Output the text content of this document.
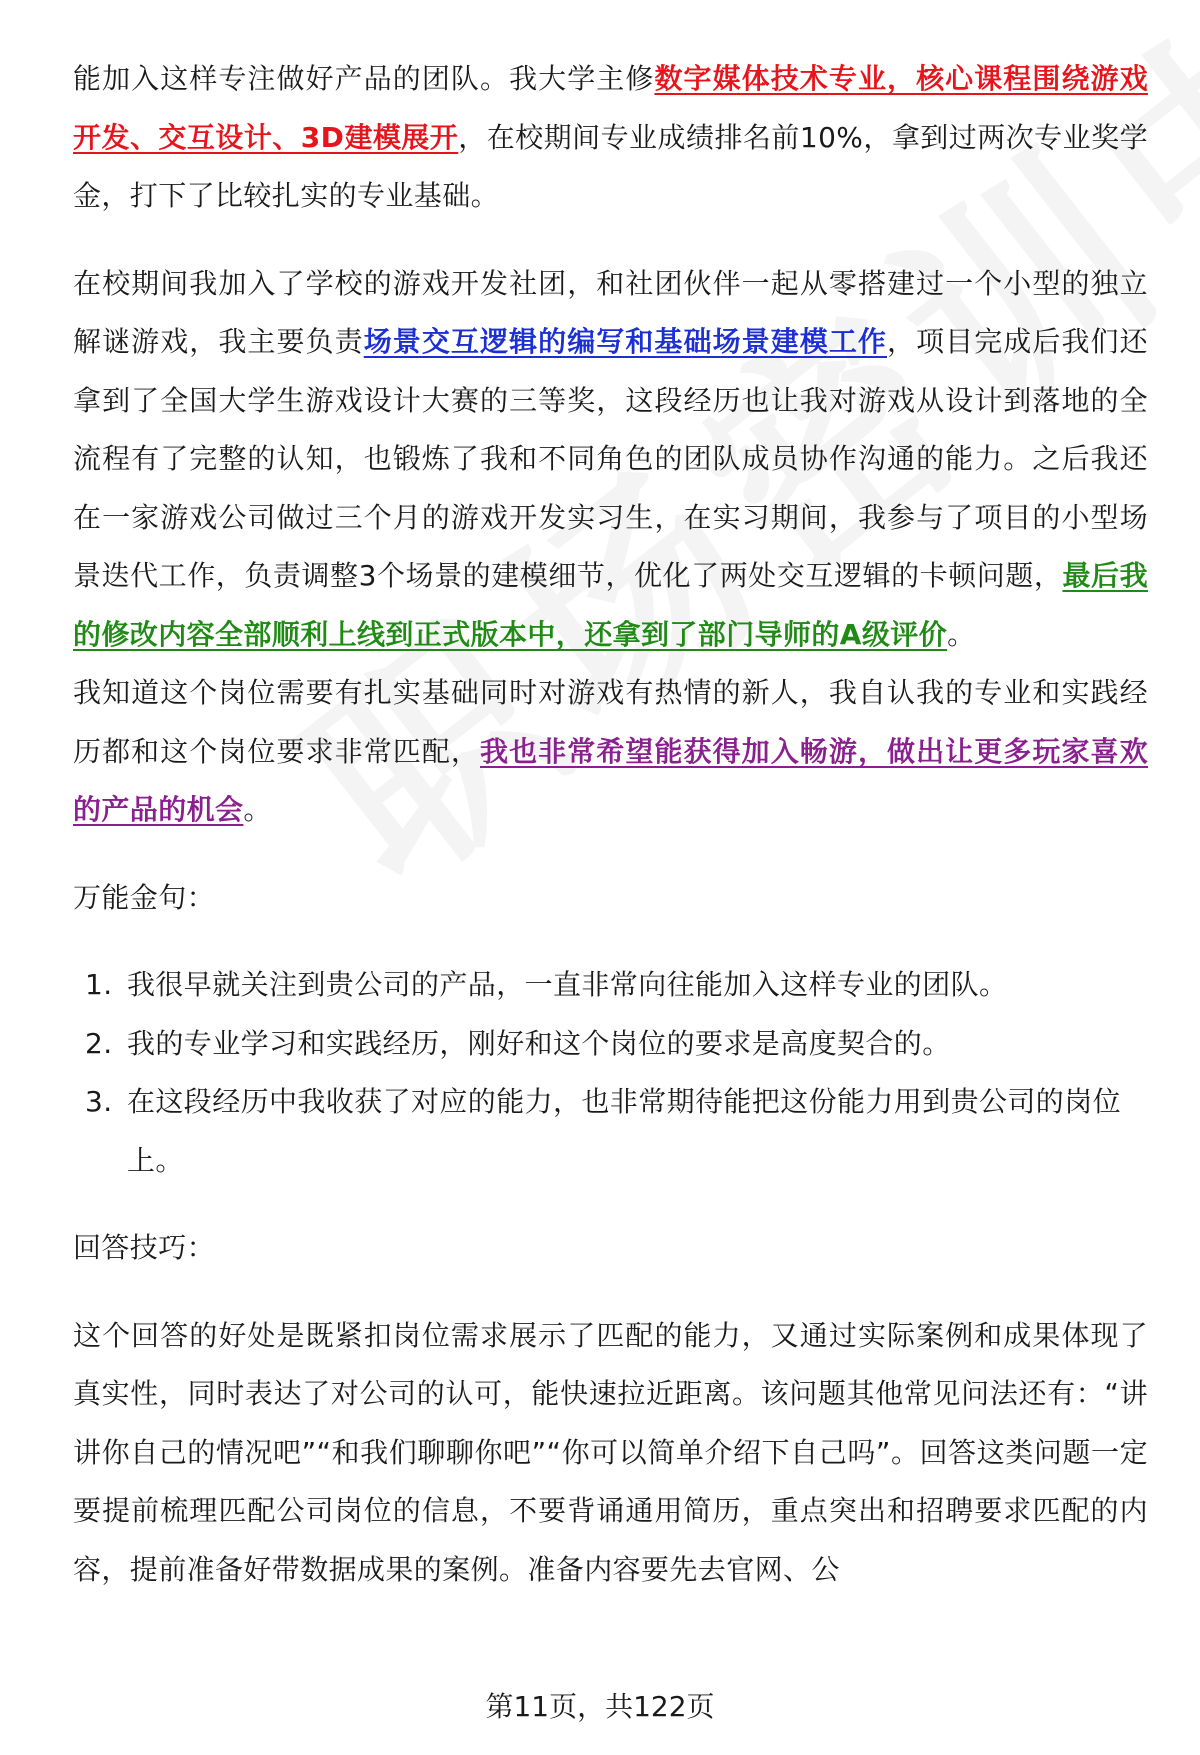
能加入这样专注做好产品的团队。我大学主修数字媒体技术专业，核心课程围绕游戏开发、交互设计、3D建模展开，在校期间专业成绩排名前10%，拿到过两次专业奖学金，打下了比较扎实的专业基础。

在校期间我加入了学校的游戏开发社团，和社团伙伴一起从零搭建过一个小型的独立解谜游戏，我主要负责场景交互逻辑的编写和基础场景建模工作，项目完成后我们还拿到了全国大学生游戏设计大赛的三等奖，这段经历也让我对游戏从设计到落地的全流程有了完整的认知，也锻炼了我和不同角色的团队成员协作沟通的能力。之后我还在一家游戏公司做过三个月的游戏开发实习生，在实习期间，我参与了项目的小型场景迭代工作，负责调整3个场景的建模细节，优化了两处交互逻辑的卡顿问题，最后我的修改内容全部顺利上线到正式版本中，还拿到了部门导师的A级评价。

我知道这个岗位需要有扎实基础同时对游戏有热情的新人，我自认我的专业和实践经历都和这个岗位要求非常匹配，我也非常希望能获得加入畅游，做出让更多玩家喜欢的产品的机会。

万能金句：

1. 我很早就关注到贵公司的产品，一直非常向往能加入这样专业的团队。
2. 我的专业学习和实践经历，刚好和这个岗位的要求是高度契合的。
3. 在这段经历中我收获了对应的能力，也非常期待能把这份能力用到贵公司的岗位上。

回答技巧：

这个回答的好处是既紧扣岗位需求展示了匹配的能力，又通过实际案例和成果体现了真实性，同时表达了对公司的认可，能快速拉近距离。该问题其他常见问法还有：“讲讲你自己的情况吧”“和我们聊聊你吧”“你可以简单介绍下自己吗”。回答这类问题一定要提前梳理匹配公司岗位的信息，不要背诵通用简历，重点突出和招聘要求匹配的内容，提前准备好带数据成果的案例。准备内容要先去官网、公

第11页，共122页
